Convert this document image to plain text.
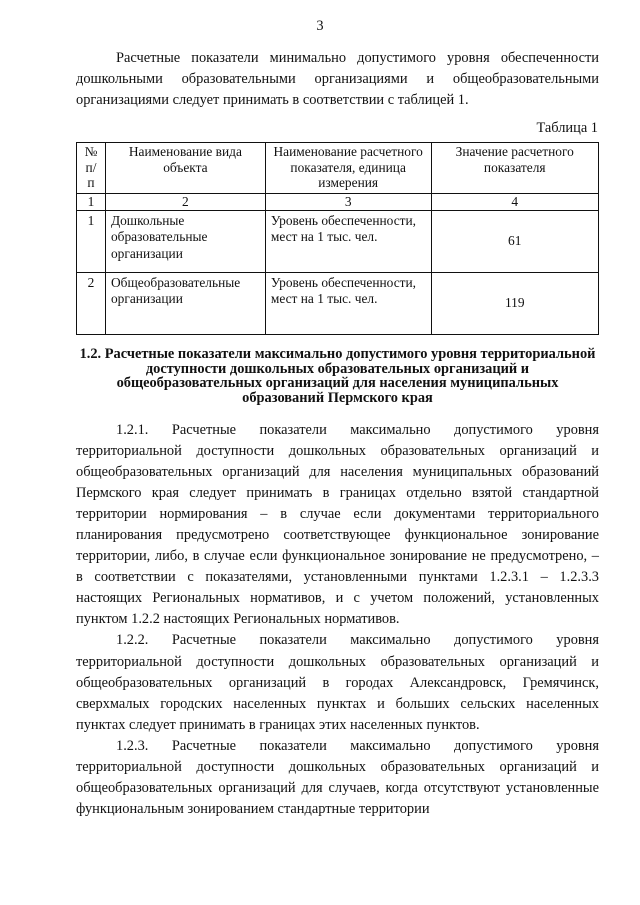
3

Расчетные показатели минимально допустимого уровня обеспеченности дошкольными образовательными организациями и общеобразовательными организациями следует принимать в соответствии с таблицей 1.

Таблица 1
№ п/п	Наименование вида объекта	Наименование расчетного показателя, единица измерения	Значение расчетного показателя
1	2	3	4
1	Дошкольные образовательные организации	Уровень обеспеченности, мест на 1 тыс. чел.	61
2	Общеобразовательные организации	Уровень обеспеченности, мест на 1 тыс. чел.	119
1.2. Расчетные показатели максимально допустимого уровня территориальной доступности дошкольных образовательных организаций и общеобразовательных организаций для населения муниципальных образований Пермского края

1.2.1. Расчетные показатели максимально допустимого уровня территориальной доступности дошкольных образовательных организаций и общеобразовательных организаций для населения муниципальных образований Пермского края следует принимать в границах отдельно взятой стандартной территории нормирования – в случае если документами территориального планирования предусмотрено соответствующее функциональное зонирование территории, либо, в случае если функциональное зонирование не предусмотрено, – в соответствии с показателями, установленными пунктами 1.2.3.1 – 1.2.3.3 настоящих Региональных нормативов, и с учетом положений, установленных пунктом 1.2.2 настоящих Региональных нормативов.

1.2.2. Расчетные показатели максимально допустимого уровня территориальной доступности дошкольных образовательных организаций и общеобразовательных организаций в городах Александровск, Гремячинск, сверхмалых городских населенных пунктах и больших сельских населенных пунктах следует принимать в границах этих населенных пунктов.

1.2.3. Расчетные показатели максимально допустимого уровня территориальной доступности дошкольных образовательных организаций и общеобразовательных организаций для случаев, когда отсутствуют установленные функциональным зонированием стандартные территории
